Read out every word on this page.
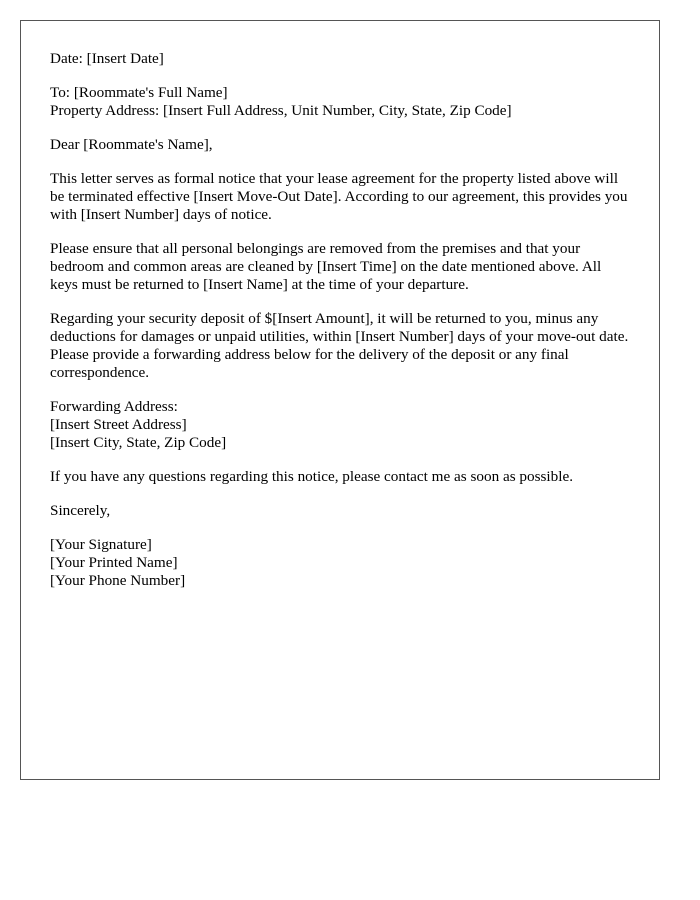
Date: [Insert Date]

To: [Roommate's Full Name]
Property Address: [Insert Full Address, Unit Number, City, State, Zip Code]

Dear [Roommate's Name],

This letter serves as formal notice that your lease agreement for the property listed above will be terminated effective [Insert Move-Out Date]. According to our agreement, this provides you with [Insert Number] days of notice.

Please ensure that all personal belongings are removed from the premises and that your bedroom and common areas are cleaned by [Insert Time] on the date mentioned above. All keys must be returned to [Insert Name] at the time of your departure.

Regarding your security deposit of $[Insert Amount], it will be returned to you, minus any deductions for damages or unpaid utilities, within [Insert Number] days of your move-out date. Please provide a forwarding address below for the delivery of the deposit or any final correspondence.

Forwarding Address:
[Insert Street Address]
[Insert City, State, Zip Code]

If you have any questions regarding this notice, please contact me as soon as possible.

Sincerely,

[Your Signature]
[Your Printed Name]
[Your Phone Number]
